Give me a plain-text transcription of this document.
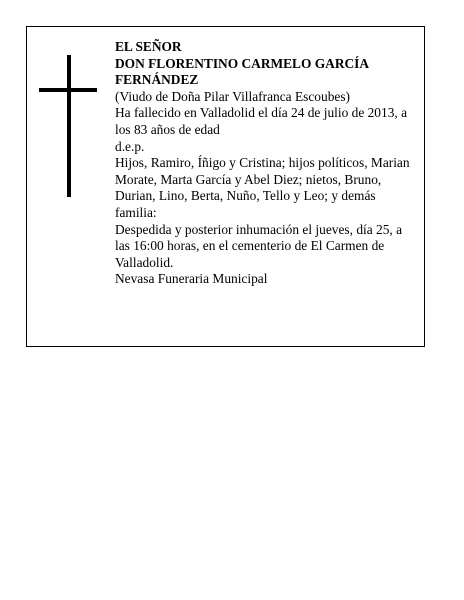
EL SEÑOR

DON FLORENTINO CARMELO GARCÍA FERNÁNDEZ

(Viudo de Doña Pilar Villafranca Escoubes)

Ha fallecido en Valladolid el día 24 de julio de 2013, a los 83 años de edad

d.e.p.

Hijos, Ramiro, Íñigo y Cristina; hijos políticos, Marian Morate, Marta García y Abel Diez; nietos, Bruno, Durian, Lino, Berta, Nuño, Tello y Leo; y demás familia:

Despedida y posterior inhumación el jueves, día 25, a las 16:00 horas, en el cementerio de El Carmen de Valladolid.

Nevasa Funeraria Municipal
